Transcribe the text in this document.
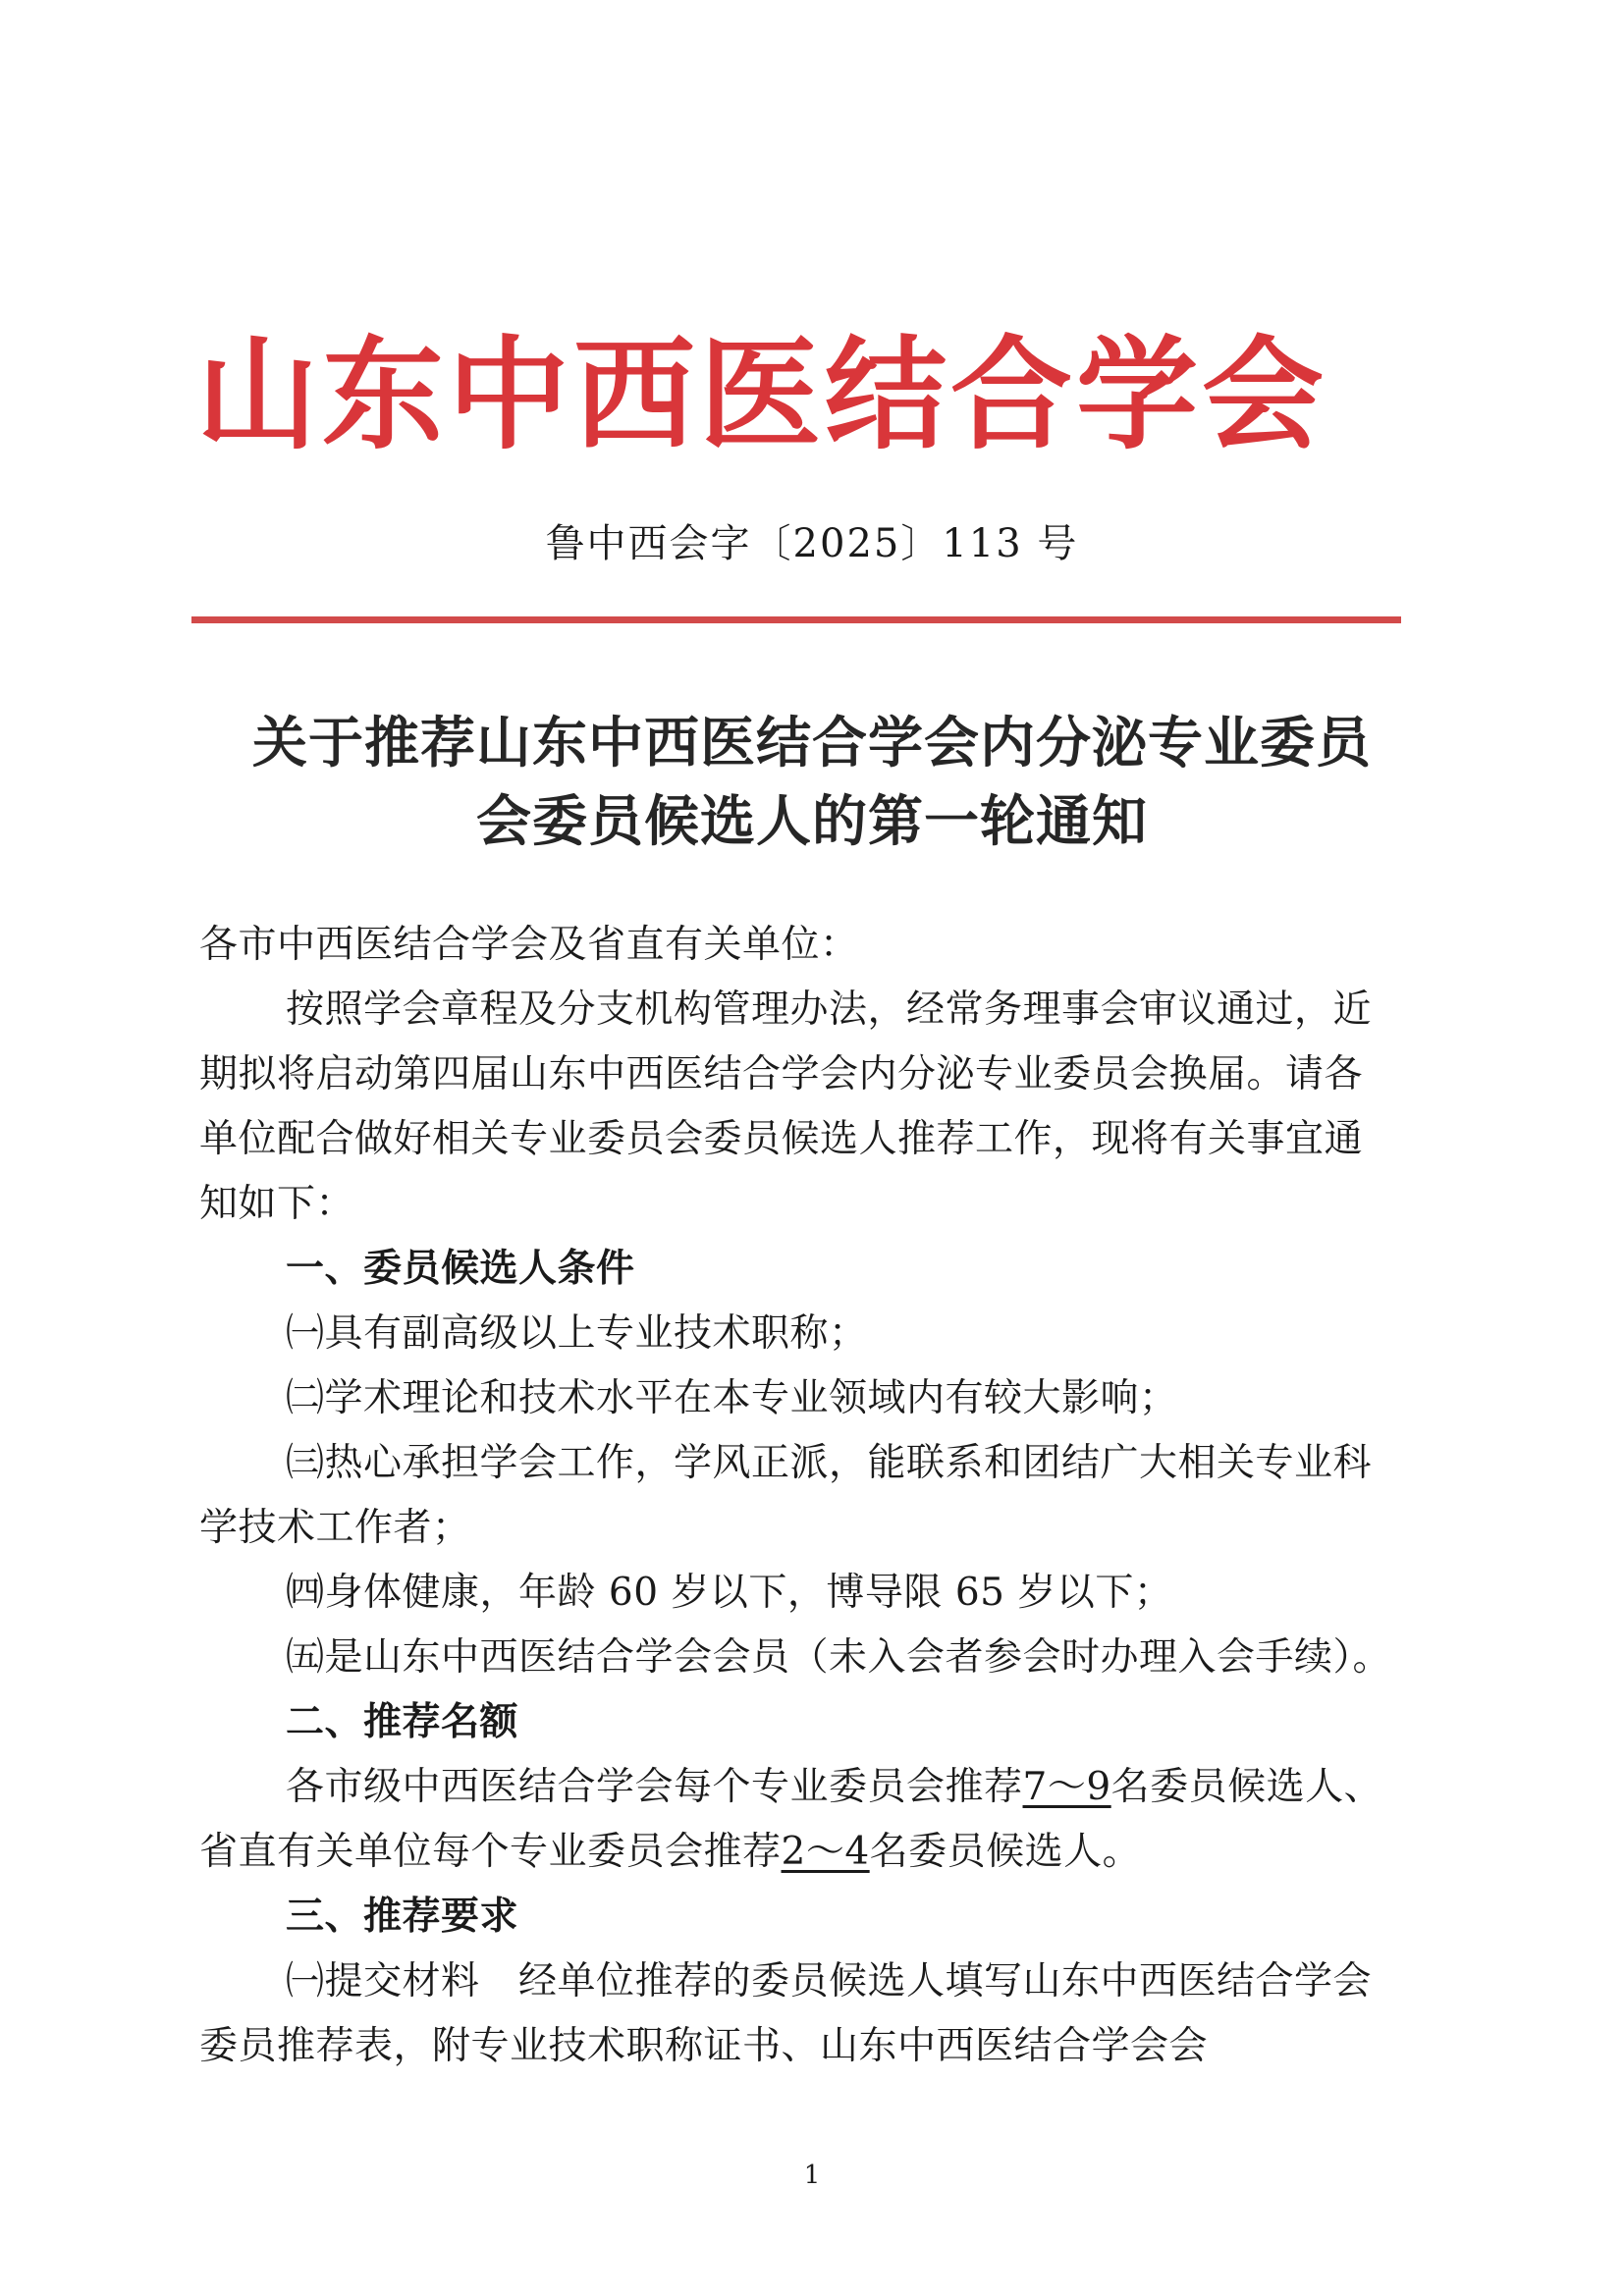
山东中西医结合学会
鲁中西会字〔2025〕113 号
关于推荐山东中西医结合学会内分泌专业委员
会委员候选人的第一轮通知

各市中西医结合学会及省直有关单位：

按照学会章程及分支机构管理办法，经常务理事会审议通过，近期拟将启动第四届山东中西医结合学会内分泌专业委员会换届。请各单位配合做好相关专业委员会委员候选人推荐工作，现将有关事宜通知如下：

一、委员候选人条件

㈠具有副高级以上专业技术职称；

㈡学术理论和技术水平在本专业领域内有较大影响；

㈢热心承担学会工作，学风正派，能联系和团结广大相关专业科学技术工作者；

㈣身体健康，年龄 60 岁以下，博导限 65 岁以下；

㈤是山东中西医结合学会会员（未入会者参会时办理入会手续）。

二、推荐名额

各市级中西医结合学会每个专业委员会推荐7～9名委员候选人、省直有关单位每个专业委员会推荐2～4名委员候选人。

三、推荐要求

㈠提交材料　经单位推荐的委员候选人填写山东中西医结合学会委员推荐表，附专业技术职称证书、山东中西医结合学会会

1
